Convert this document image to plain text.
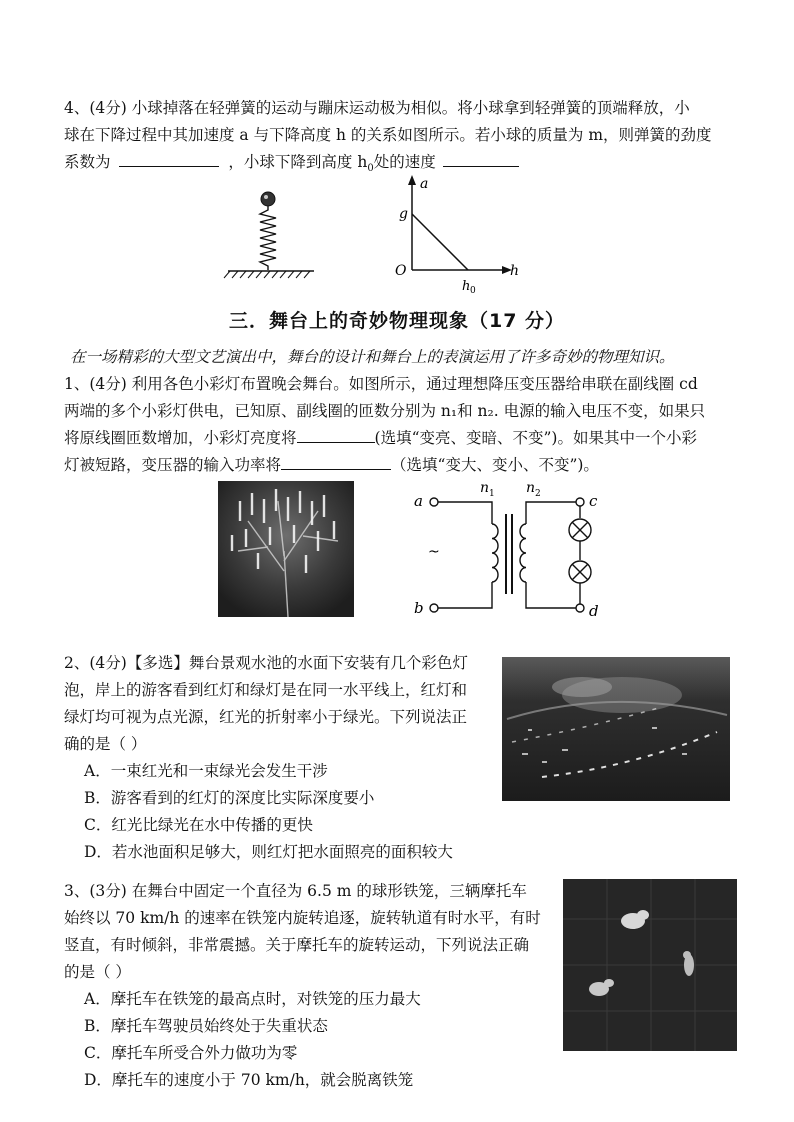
4、(4分) 小球掉落在轻弹簧的运动与蹦床运动极为相似。将小球拿到轻弹簧的顶端释放，小
球在下降过程中其加速度 a 与下降高度 h 的关系如图所示。若小球的质量为 m，则弹簧的劲度
系数为	，小球下降到高度 $h_0$处的速度
a
g
O	h
h 0
三．舞台上的奇妙物理现象（17 分）
在一场精彩的大型文艺演出中，舞台的设计和舞台上的表演运用了许多奇妙的物理知识。
1、(4分) 利用各色小彩灯布置晚会舞台。如图所示，通过理想降压变压器给串联在副线圈 cd
两端的多个小彩灯供电，已知原、副线圈的匝数分别为 n₁和 n₂. 电源的输入电压不变，如果只
将原线圈匝数增加，小彩灯亮度将	(选填“变亮、变暗、不变”)。如果其中一个小彩
灯被短路，变压器的输入功率将	（选填“变大、变小、不变”)。
n 1 n 2
a
b
c
d
~
2、(4分)【多选】舞台景观水池的水面下安装有几个彩色灯
泡，岸上的游客看到红灯和绿灯是在同一水平线上，红灯和
绿灯均可视为点光源，红光的折射率小于绿光。下列说法正
确的是（ ）
A．一束红光和一束绿光会发生干涉
B．游客看到的红灯的深度比实际深度要小
C．红光比绿光在水中传播的更快
D．若水池面积足够大，则红灯把水面照亮的面积较大
3、(3分) 在舞台中固定一个直径为 6.5 m 的球形铁笼，三辆摩托车
始终以 70 km/h 的速率在铁笼内旋转追逐，旋转轨道有时水平，有时
竖直，有时倾斜，非常震撼。关于摩托车的旋转运动，下列说法正确
的是（ ）
A．摩托车在铁笼的最高点时，对铁笼的压力最大
B．摩托车驾驶员始终处于失重状态
C．摩托车所受合外力做功为零
D．摩托车的速度小于 70 km/h，就会脱离铁笼
